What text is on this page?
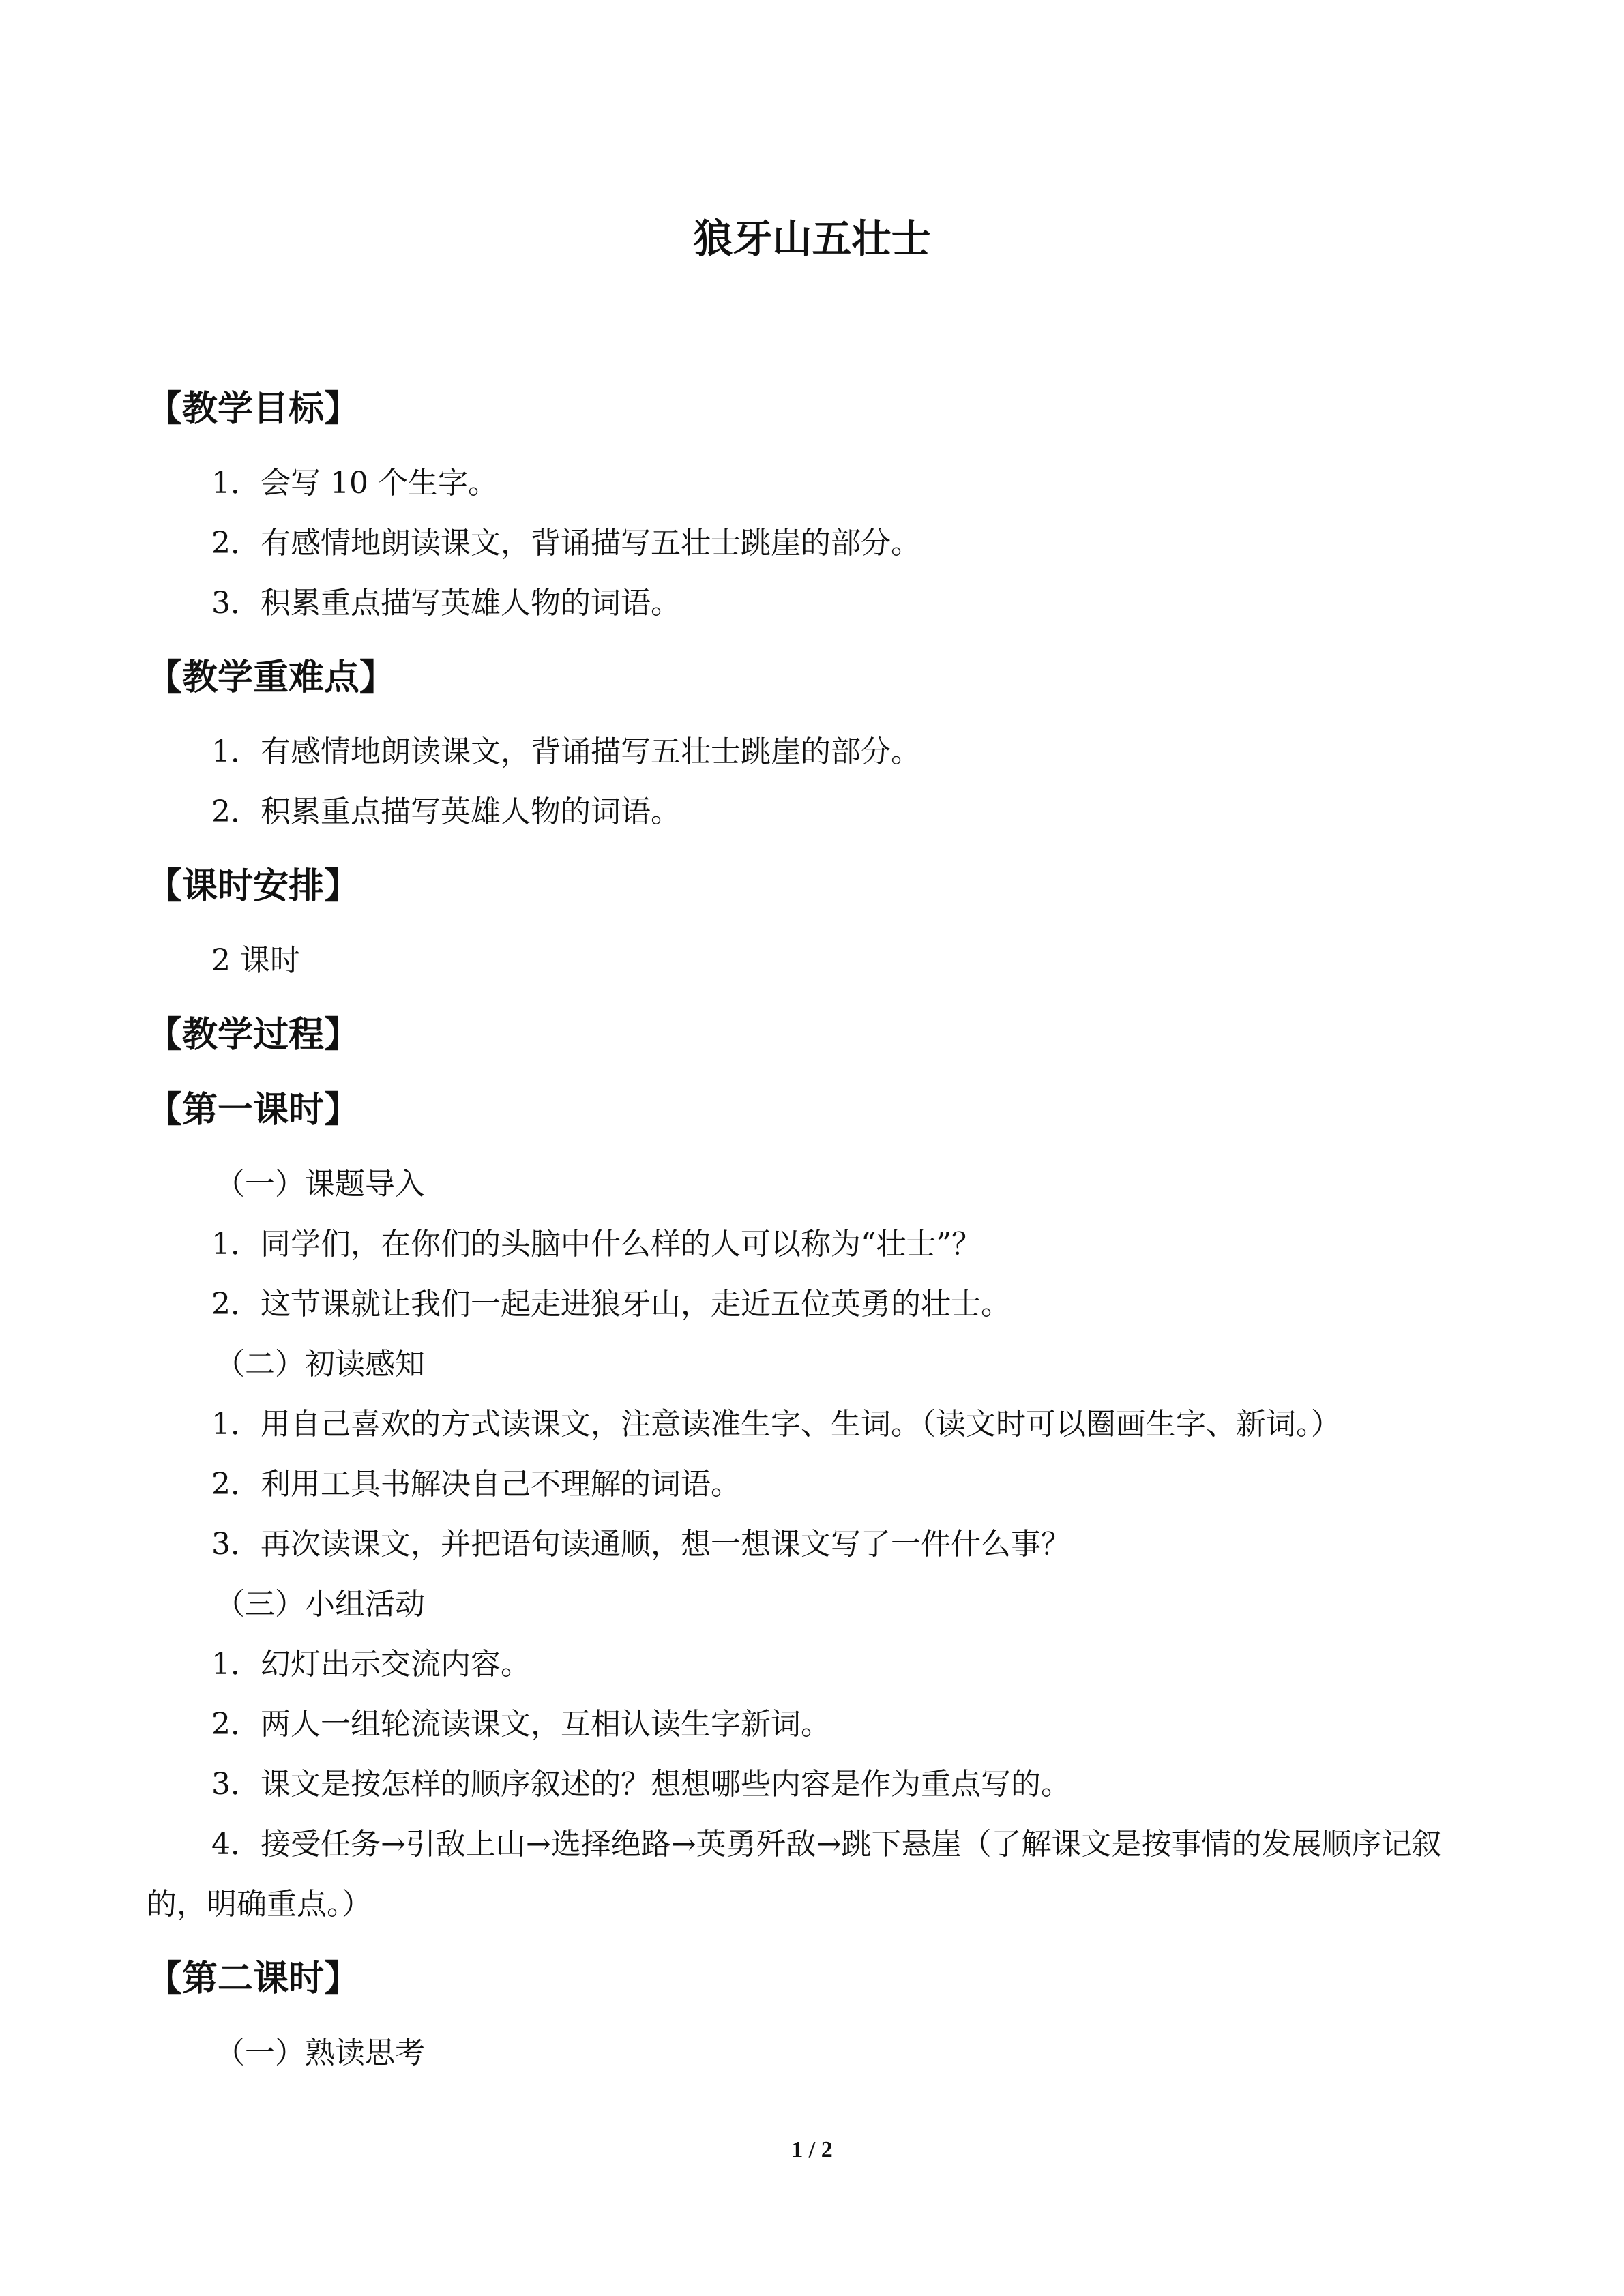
狼牙山五壮士
【教学目标】
1．会写 10 个生字。
2．有感情地朗读课文，背诵描写五壮士跳崖的部分。
3．积累重点描写英雄人物的词语。
【教学重难点】
1．有感情地朗读课文，背诵描写五壮士跳崖的部分。
2．积累重点描写英雄人物的词语。
【课时安排】
2 课时
【教学过程】
【第一课时】
（一）课题导入
1．同学们，在你们的头脑中什么样的人可以称为“壮士”？
2．这节课就让我们一起走进狼牙山，走近五位英勇的壮士。
（二）初读感知
1．用自己喜欢的方式读课文，注意读准生字、生词。（读文时可以圈画生字、新词。）
2．利用工具书解决自己不理解的词语。
3．再次读课文，并把语句读通顺，想一想课文写了一件什么事？
（三）小组活动
1．幻灯出示交流内容。
2．两人一组轮流读课文，互相认读生字新词。
3．课文是按怎样的顺序叙述的？想想哪些内容是作为重点写的。
4．接受任务→引敌上山→选择绝路→英勇歼敌→跳下悬崖（了解课文是按事情的发展顺序记叙的，明确重点。）
【第二课时】
（一）熟读思考
1 / 2
